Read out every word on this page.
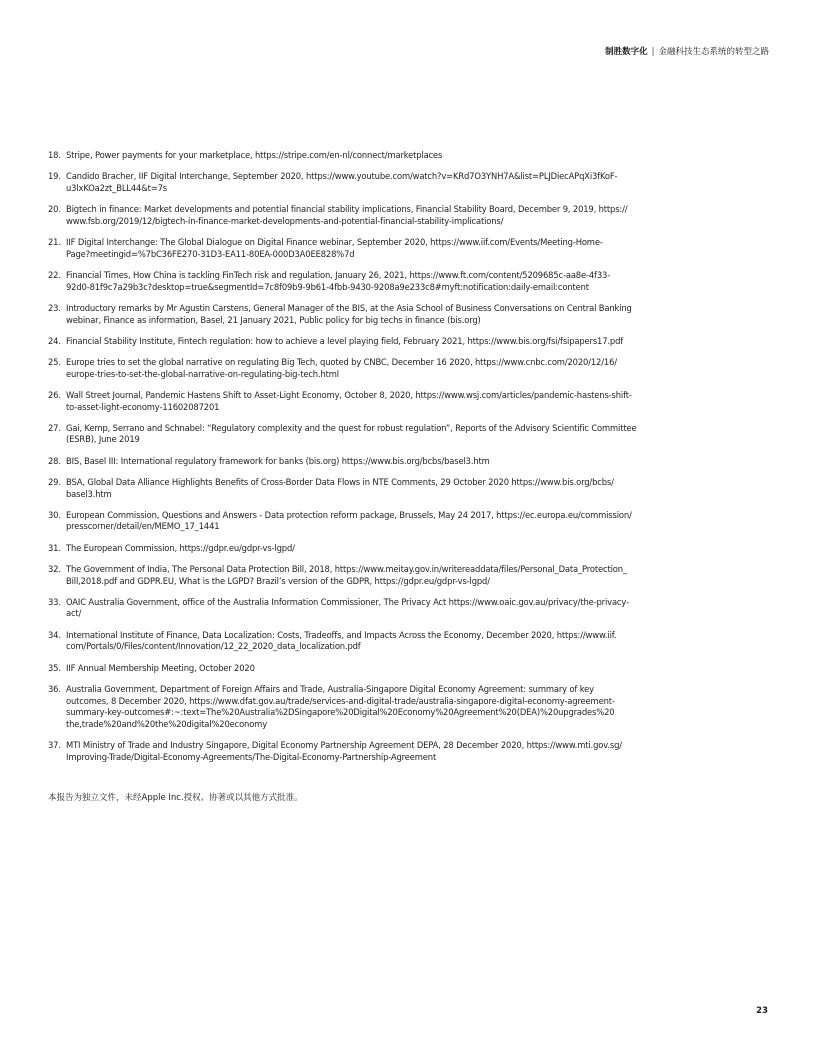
制胜数字化 | 金融科技生态系统的转型之路
18. Stripe, Power payments for your marketplace, https://stripe.com/en-nl/connect/marketplaces
19. Candido Bracher, IIF Digital Interchange, September 2020, https://www.youtube.com/watch?v=KRd7O3YNH7A&list=PLJDiecAPqXi3fKoF-
u3lxKOa2zt_BLL44&t=7s
20. Bigtech in finance: Market developments and potential financial stability implications, Financial Stability Board, December 9, 2019, https://
www.fsb.org/2019/12/bigtech-in-finance-market-developments-and-potential-financial-stability-implications/
21. IIF Digital Interchange: The Global Dialogue on Digital Finance webinar, September 2020, https://www.iif.com/Events/Meeting-Home-
Page?meetingid=%7bC36FE270-31D3-EA11-80EA-000D3A0EE828%7d
22. Financial Times, How China is tackling FinTech risk and regulation, January 26, 2021, https://www.ft.com/content/5209685c-aa8e-4f33-
92d0-81f9c7a29b3c?desktop=true&segmentId=7c8f09b9-9b61-4fbb-9430-9208a9e233c8#myft:notification:daily-email:content
23. Introductory remarks by Mr Agustin Carstens, General Manager of the BIS, at the Asia School of Business Conversations on Central Banking
webinar, Finance as information, Basel, 21 January 2021, Public policy for big techs in finance (bis.org)
24. Financial Stability Institute, Fintech regulation: how to achieve a level playing field, February 2021, https://www.bis.org/fsi/fsipapers17.pdf
25. Europe tries to set the global narrative on regulating Big Tech, quoted by CNBC, December 16 2020, https://www.cnbc.com/2020/12/16/
europe-tries-to-set-the-global-narrative-on-regulating-big-tech.html
26. Wall Street Journal, Pandemic Hastens Shift to Asset-Light Economy, October 8, 2020, https://www.wsj.com/articles/pandemic-hastens-shift-
to-asset-light-economy-11602087201
27. Gai, Kemp, Serrano and Schnabel: “Regulatory complexity and the quest for robust regulation”, Reports of the Advisory Scientific Committee
(ESRB), June 2019
28. BIS, Basel III: International regulatory framework for banks (bis.org) https://www.bis.org/bcbs/basel3.htm
29. BSA, Global Data Alliance Highlights Benefits of Cross-Border Data Flows in NTE Comments, 29 October 2020 https://www.bis.org/bcbs/
basel3.htm
30. European Commission, Questions and Answers - Data protection reform package, Brussels, May 24 2017, https://ec.europa.eu/commission/
presscorner/detail/en/MEMO_17_1441
31. The European Commission, https://gdpr.eu/gdpr-vs-lgpd/
32. The Government of India, The Personal Data Protection Bill, 2018, https://www.meitay.gov.in/writereaddata/files/Personal_Data_Protection_
Bill,2018.pdf and GDPR.EU, What is the LGPD? Brazil’s version of the GDPR, https://gdpr.eu/gdpr-vs-lgpd/
33. OAIC Australia Government, office of the Australia Information Commissioner, The Privacy Act https://www.oaic.gov.au/privacy/the-privacy-
act/
34. International Institute of Finance, Data Localization: Costs, Tradeoffs, and Impacts Across the Economy, December 2020, https://www.iif.
com/Portals/0/Files/content/Innovation/12_22_2020_data_localization.pdf
35. IIF Annual Membership Meeting, October 2020
36. Australia Government, Department of Foreign Affairs and Trade, Australia-Singapore Digital Economy Agreement: summary of key
outcomes, 8 December 2020, https://www.dfat.gov.au/trade/services-and-digital-trade/australia-singapore-digital-economy-agreement-
summary-key-outcomes#:~:text=The%20Australia%2DSingapore%20Digital%20Economy%20Agreement%20(DEA)%20upgrades%20
the,trade%20and%20the%20digital%20economy
37. MTI Ministry of Trade and Industry Singapore, Digital Economy Partnership Agreement DEPA, 28 December 2020, https://www.mti.gov.sg/
Improving-Trade/Digital-Economy-Agreements/The-Digital-Economy-Partnership-Agreement
本报告为独立文件，未经Apple Inc.授权、协著或以其他方式批准。
23
